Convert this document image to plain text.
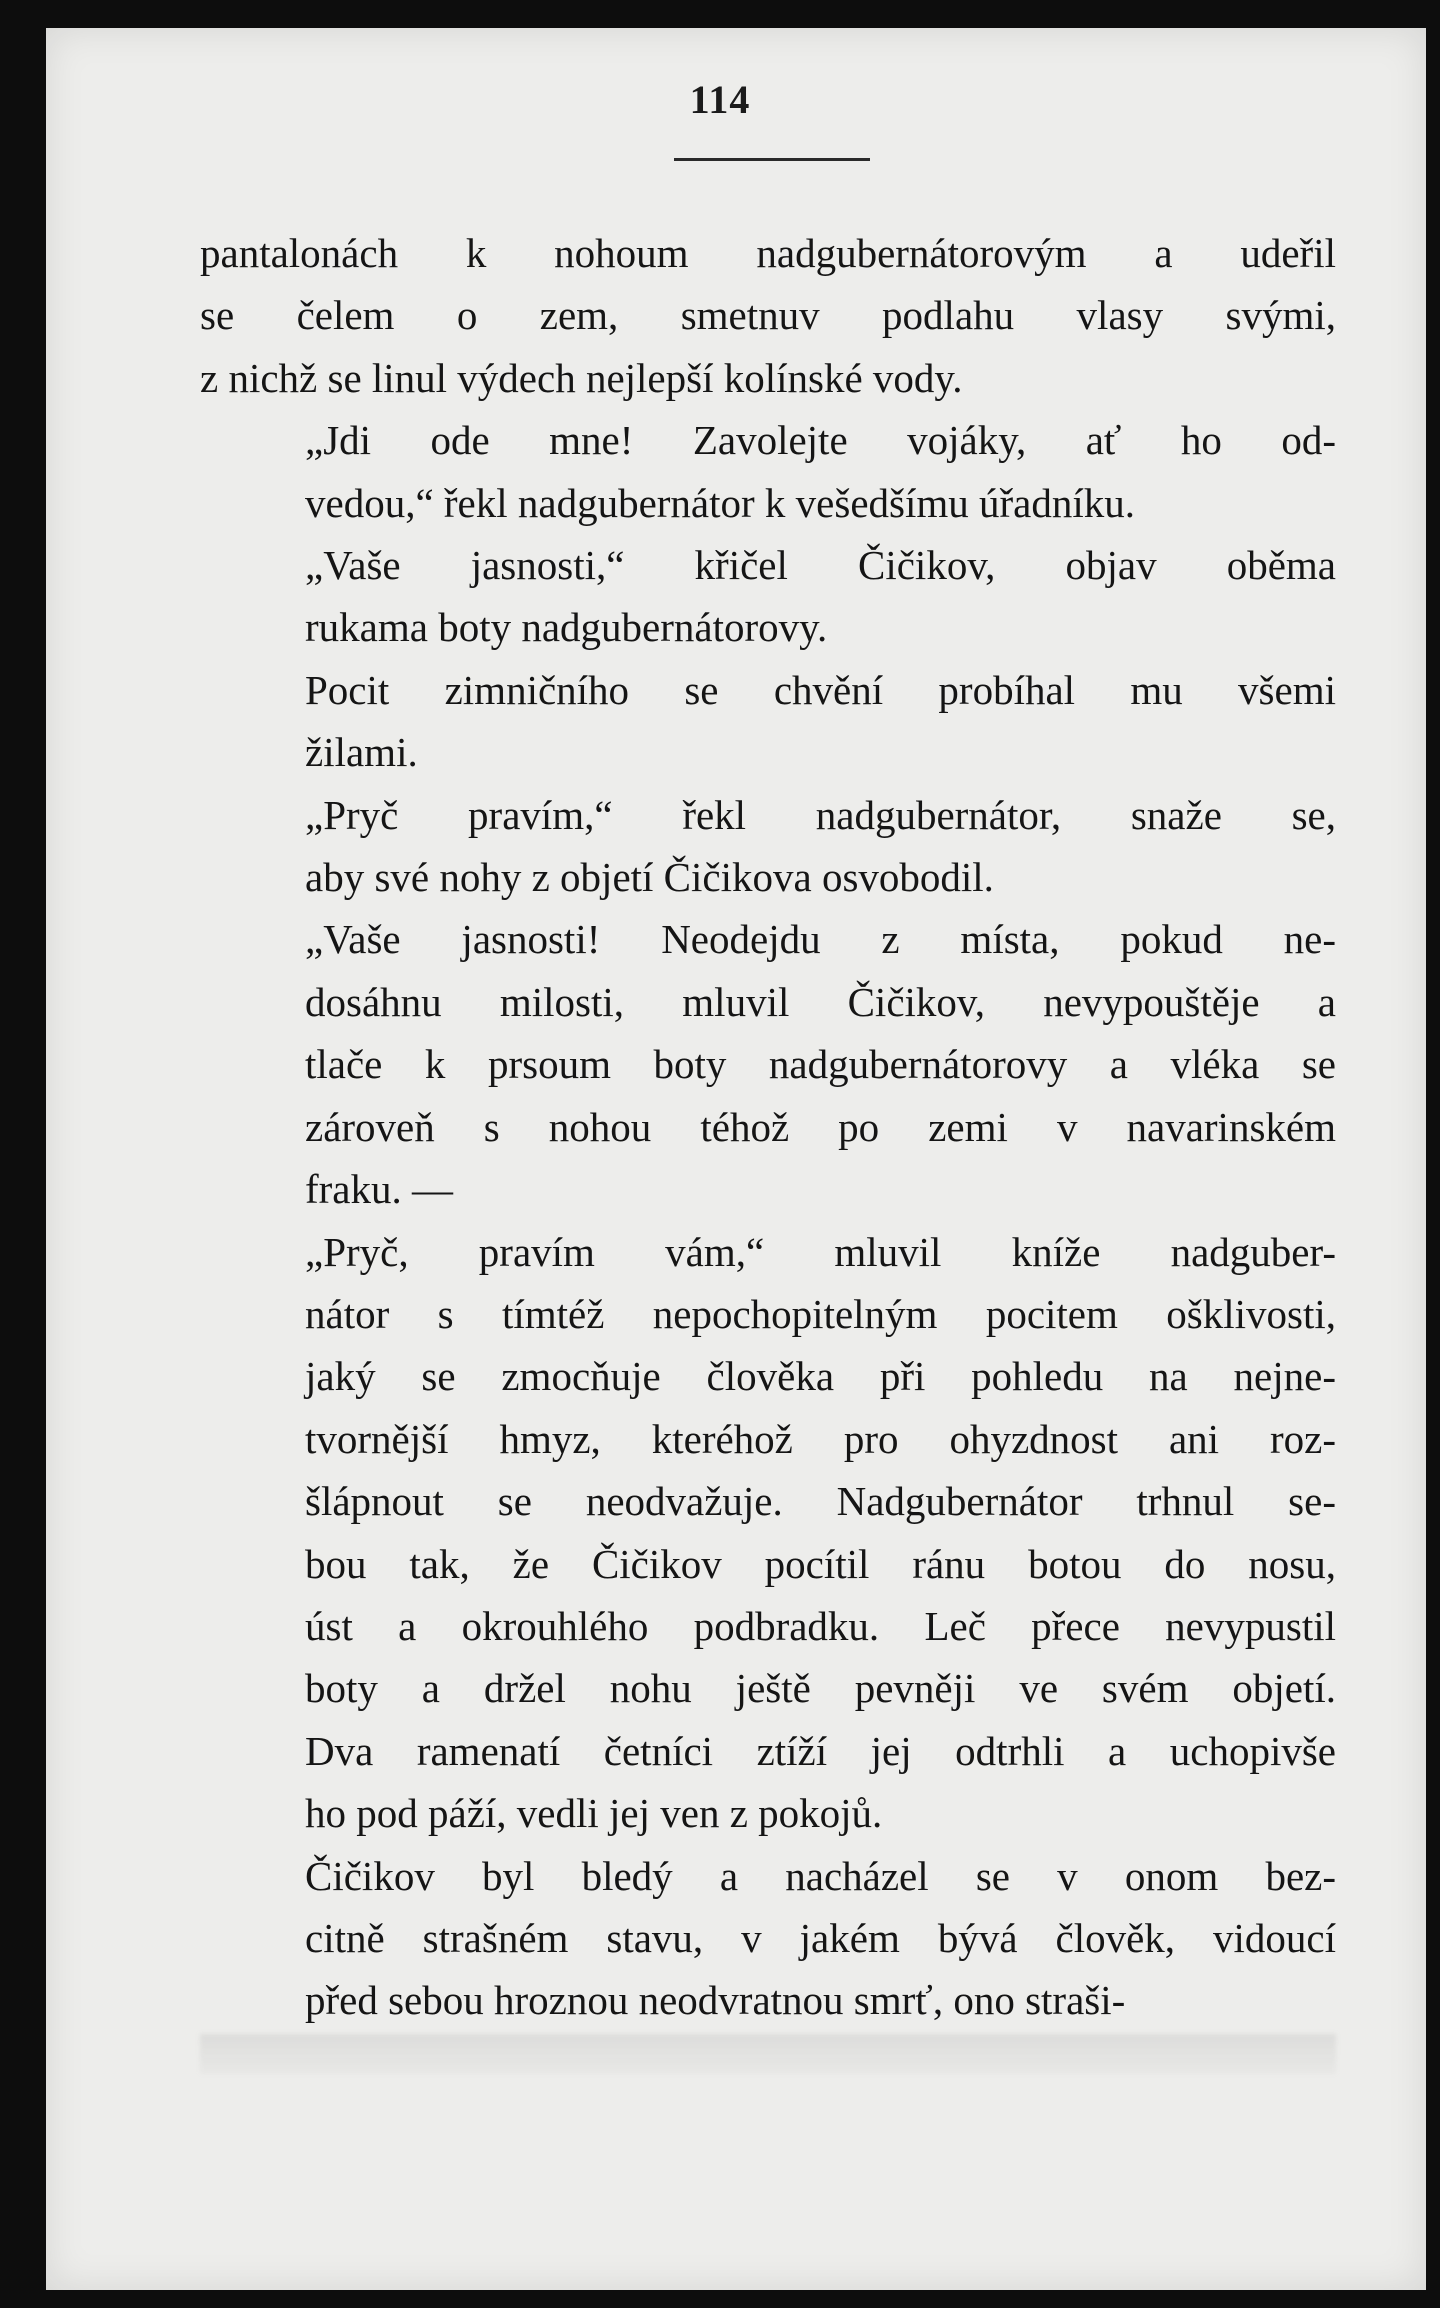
114

pantalonách k nohoum nadgubernátorovým a udeřil
se čelem o zem, smetnuv podlahu vlasy svými,
z nichž se linul výdech nejlepší kolínské vody.

„Jdi ode mne! Zavolejte vojáky, ať ho od-
vedou,“ řekl nadgubernátor k vešedšímu úřadníku.

„Vaše jasnosti,“ křičel Čičikov, objav oběma
rukama boty nadgubernátorovy.

Pocit zimničního se chvění probíhal mu všemi
žilami.

„Pryč pravím,“ řekl nadgubernátor, snaže se,
aby své nohy z objetí Čičikova osvobodil.

„Vaše jasnosti! Neodejdu z místa, pokud ne-
dosáhnu milosti, mluvil Čičikov, nevypouštěje a
tlače k prsoum boty nadgubernátorovy a vléka se
zároveň s nohou téhož po zemi v navarinském
fraku. —

„Pryč, pravím vám,“ mluvil kníže nadguber-
nátor s tímtéž nepochopitelným pocitem ošklivosti,
jaký se zmocňuje člověka při pohledu na nejne-
tvornější hmyz, kteréhož pro ohyzdnost ani roz-
šlápnout se neodvažuje. Nadgubernátor trhnul se-
bou tak, že Čičikov pocítil ránu botou do nosu,
úst a okrouhlého podbradku. Leč přece nevypustil
boty a držel nohu ještě pevněji ve svém objetí.
Dva ramenatí četníci ztíží jej odtrhli a uchopivše
ho pod páží, vedli jej ven z pokojů.

Čičikov byl bledý a nacházel se v onom bez-
citně strašném stavu, v jakém bývá člověk, vidoucí
před sebou hroznou neodvratnou smrť, ono straši-
